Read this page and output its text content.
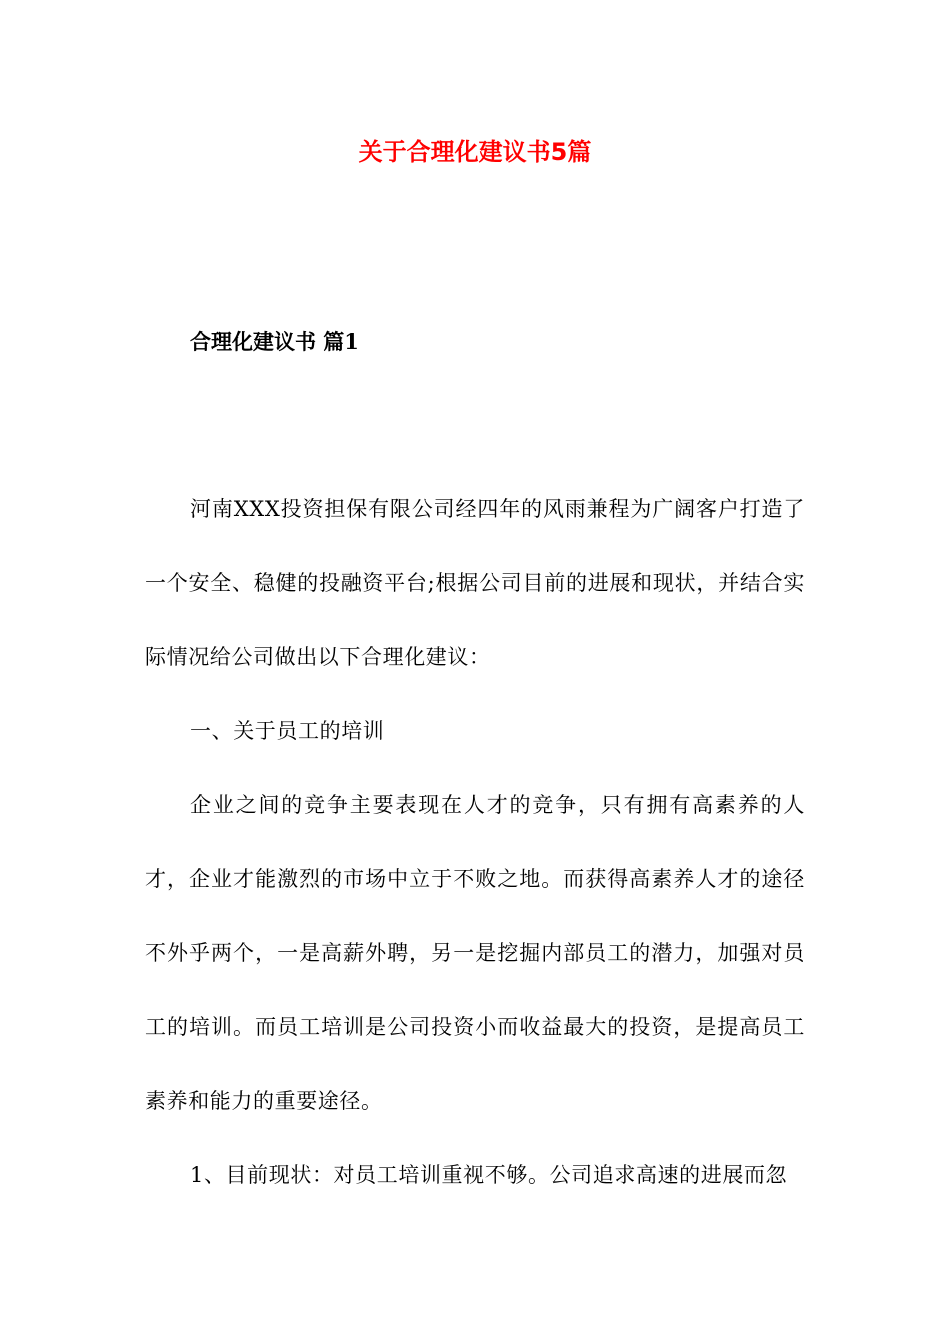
关于合理化建议书5篇
合理化建议书 篇1

河南XXX投资担保有限公司经四年的风雨兼程为广阔客户打造了一个安全、稳健的投融资平台;根据公司目前的进展和现状，并结合实际情况给公司做出以下合理化建议：

一、关于员工的培训

企业之间的竞争主要表现在人才的竞争，只有拥有高素养的人才，企业才能激烈的市场中立于不败之地。而获得高素养人才的途径不外乎两个，一是高薪外聘，另一是挖掘内部员工的潜力，加强对员工的培训。而员工培训是公司投资小而收益最大的投资，是提高员工素养和能力的重要途径。

1、目前现状：对员工培训重视不够。公司追求高速的进展而忽
